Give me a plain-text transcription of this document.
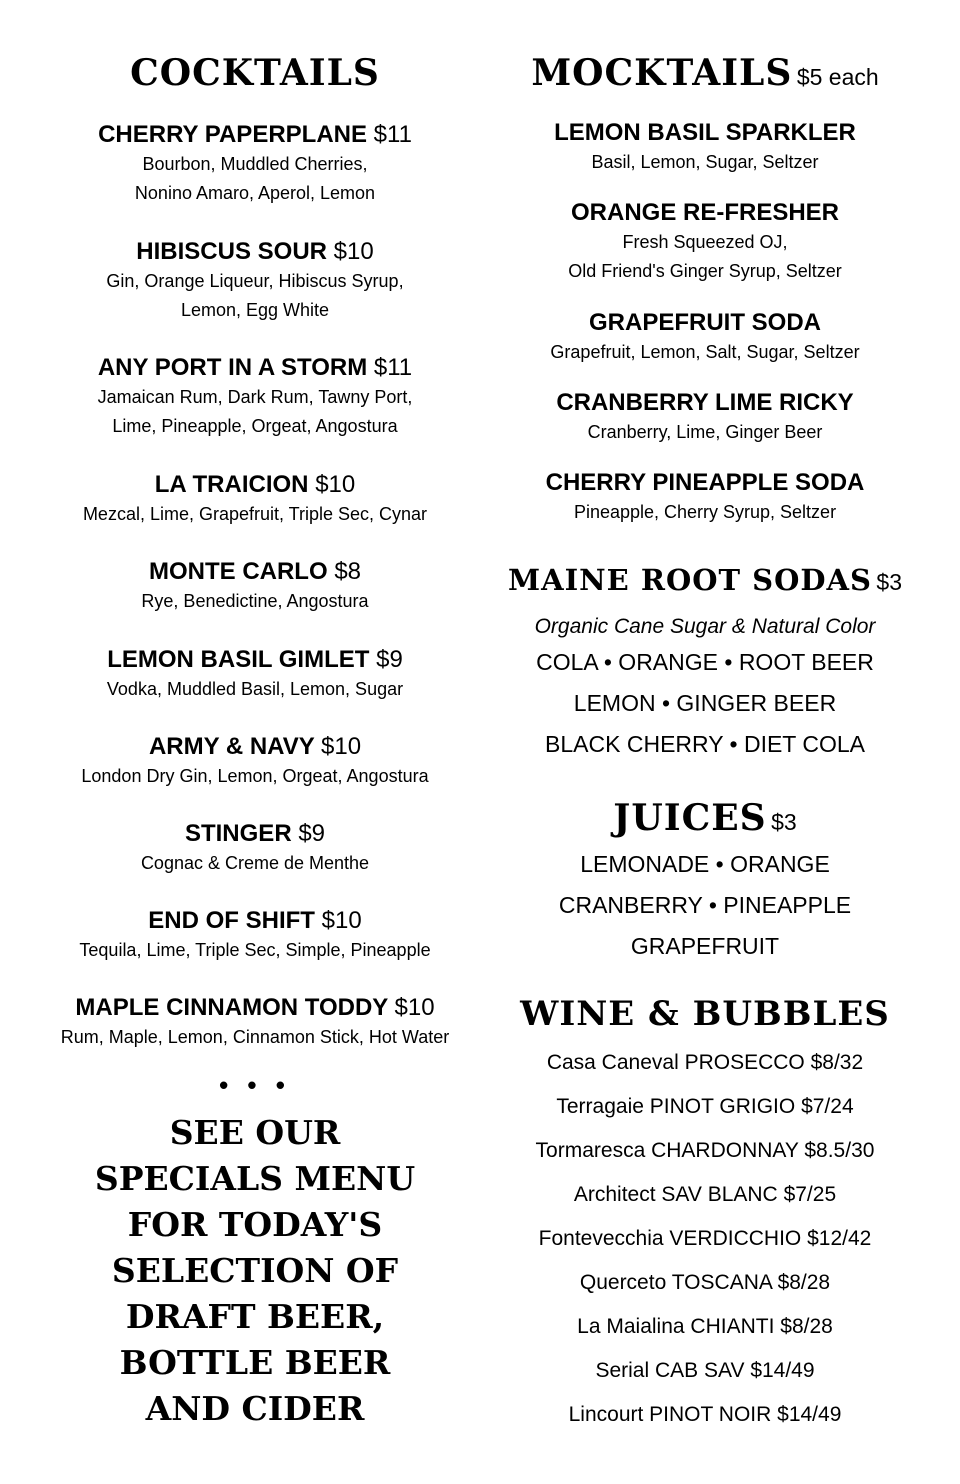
COCKTAILS
CHERRY PAPERPLANE $11
Bourbon, Muddled Cherries,
Nonino Amaro, Aperol, Lemon
HIBISCUS SOUR $10
Gin, Orange Liqueur, Hibiscus Syrup,
Lemon, Egg White
ANY PORT IN A STORM $11
Jamaican Rum, Dark Rum, Tawny Port,
Lime, Pineapple, Orgeat, Angostura
LA TRAICION $10
Mezcal, Lime, Grapefruit, Triple Sec, Cynar
MONTE CARLO $8
Rye, Benedictine, Angostura
LEMON BASIL GIMLET $9
Vodka, Muddled Basil, Lemon, Sugar
ARMY & NAVY $10
London Dry Gin, Lemon, Orgeat, Angostura
STINGER $9
Cognac & Creme de Menthe
END OF SHIFT $10
Tequila, Lime, Triple Sec, Simple, Pineapple
MAPLE CINNAMON TODDY $10
Rum, Maple, Lemon, Cinnamon Stick, Hot Water
• • •
SEE OUR
SPECIALS MENU
FOR TODAY'S
SELECTION OF
DRAFT BEER,
BOTTLE BEER
AND CIDER
MOCKTAILS $5 each
LEMON BASIL SPARKLER
Basil, Lemon, Sugar, Seltzer
ORANGE RE-FRESHER
Fresh Squeezed OJ,
Old Friend's Ginger Syrup, Seltzer
GRAPEFRUIT SODA
Grapefruit, Lemon, Salt, Sugar, Seltzer
CRANBERRY LIME RICKY
Cranberry, Lime, Ginger Beer
CHERRY PINEAPPLE SODA
Pineapple, Cherry Syrup, Seltzer
MAINE ROOT SODAS $3
Organic Cane Sugar & Natural Color
COLA • ORANGE • ROOT BEER
LEMON • GINGER BEER
BLACK CHERRY • DIET COLA
JUICES $3
LEMONADE • ORANGE
CRANBERRY • PINEAPPLE
GRAPEFRUIT
WINE & BUBBLES
Casa Caneval PROSECCO $8/32
Terragaie PINOT GRIGIO $7/24
Tormaresca CHARDONNAY $8.5/30
Architect SAV BLANC $7/25
Fontevecchia VERDICCHIO $12/42
Querceto TOSCANA $8/28
La Maialina CHIANTI $8/28
Serial CAB SAV $14/49
Lincourt PINOT NOIR $14/49
